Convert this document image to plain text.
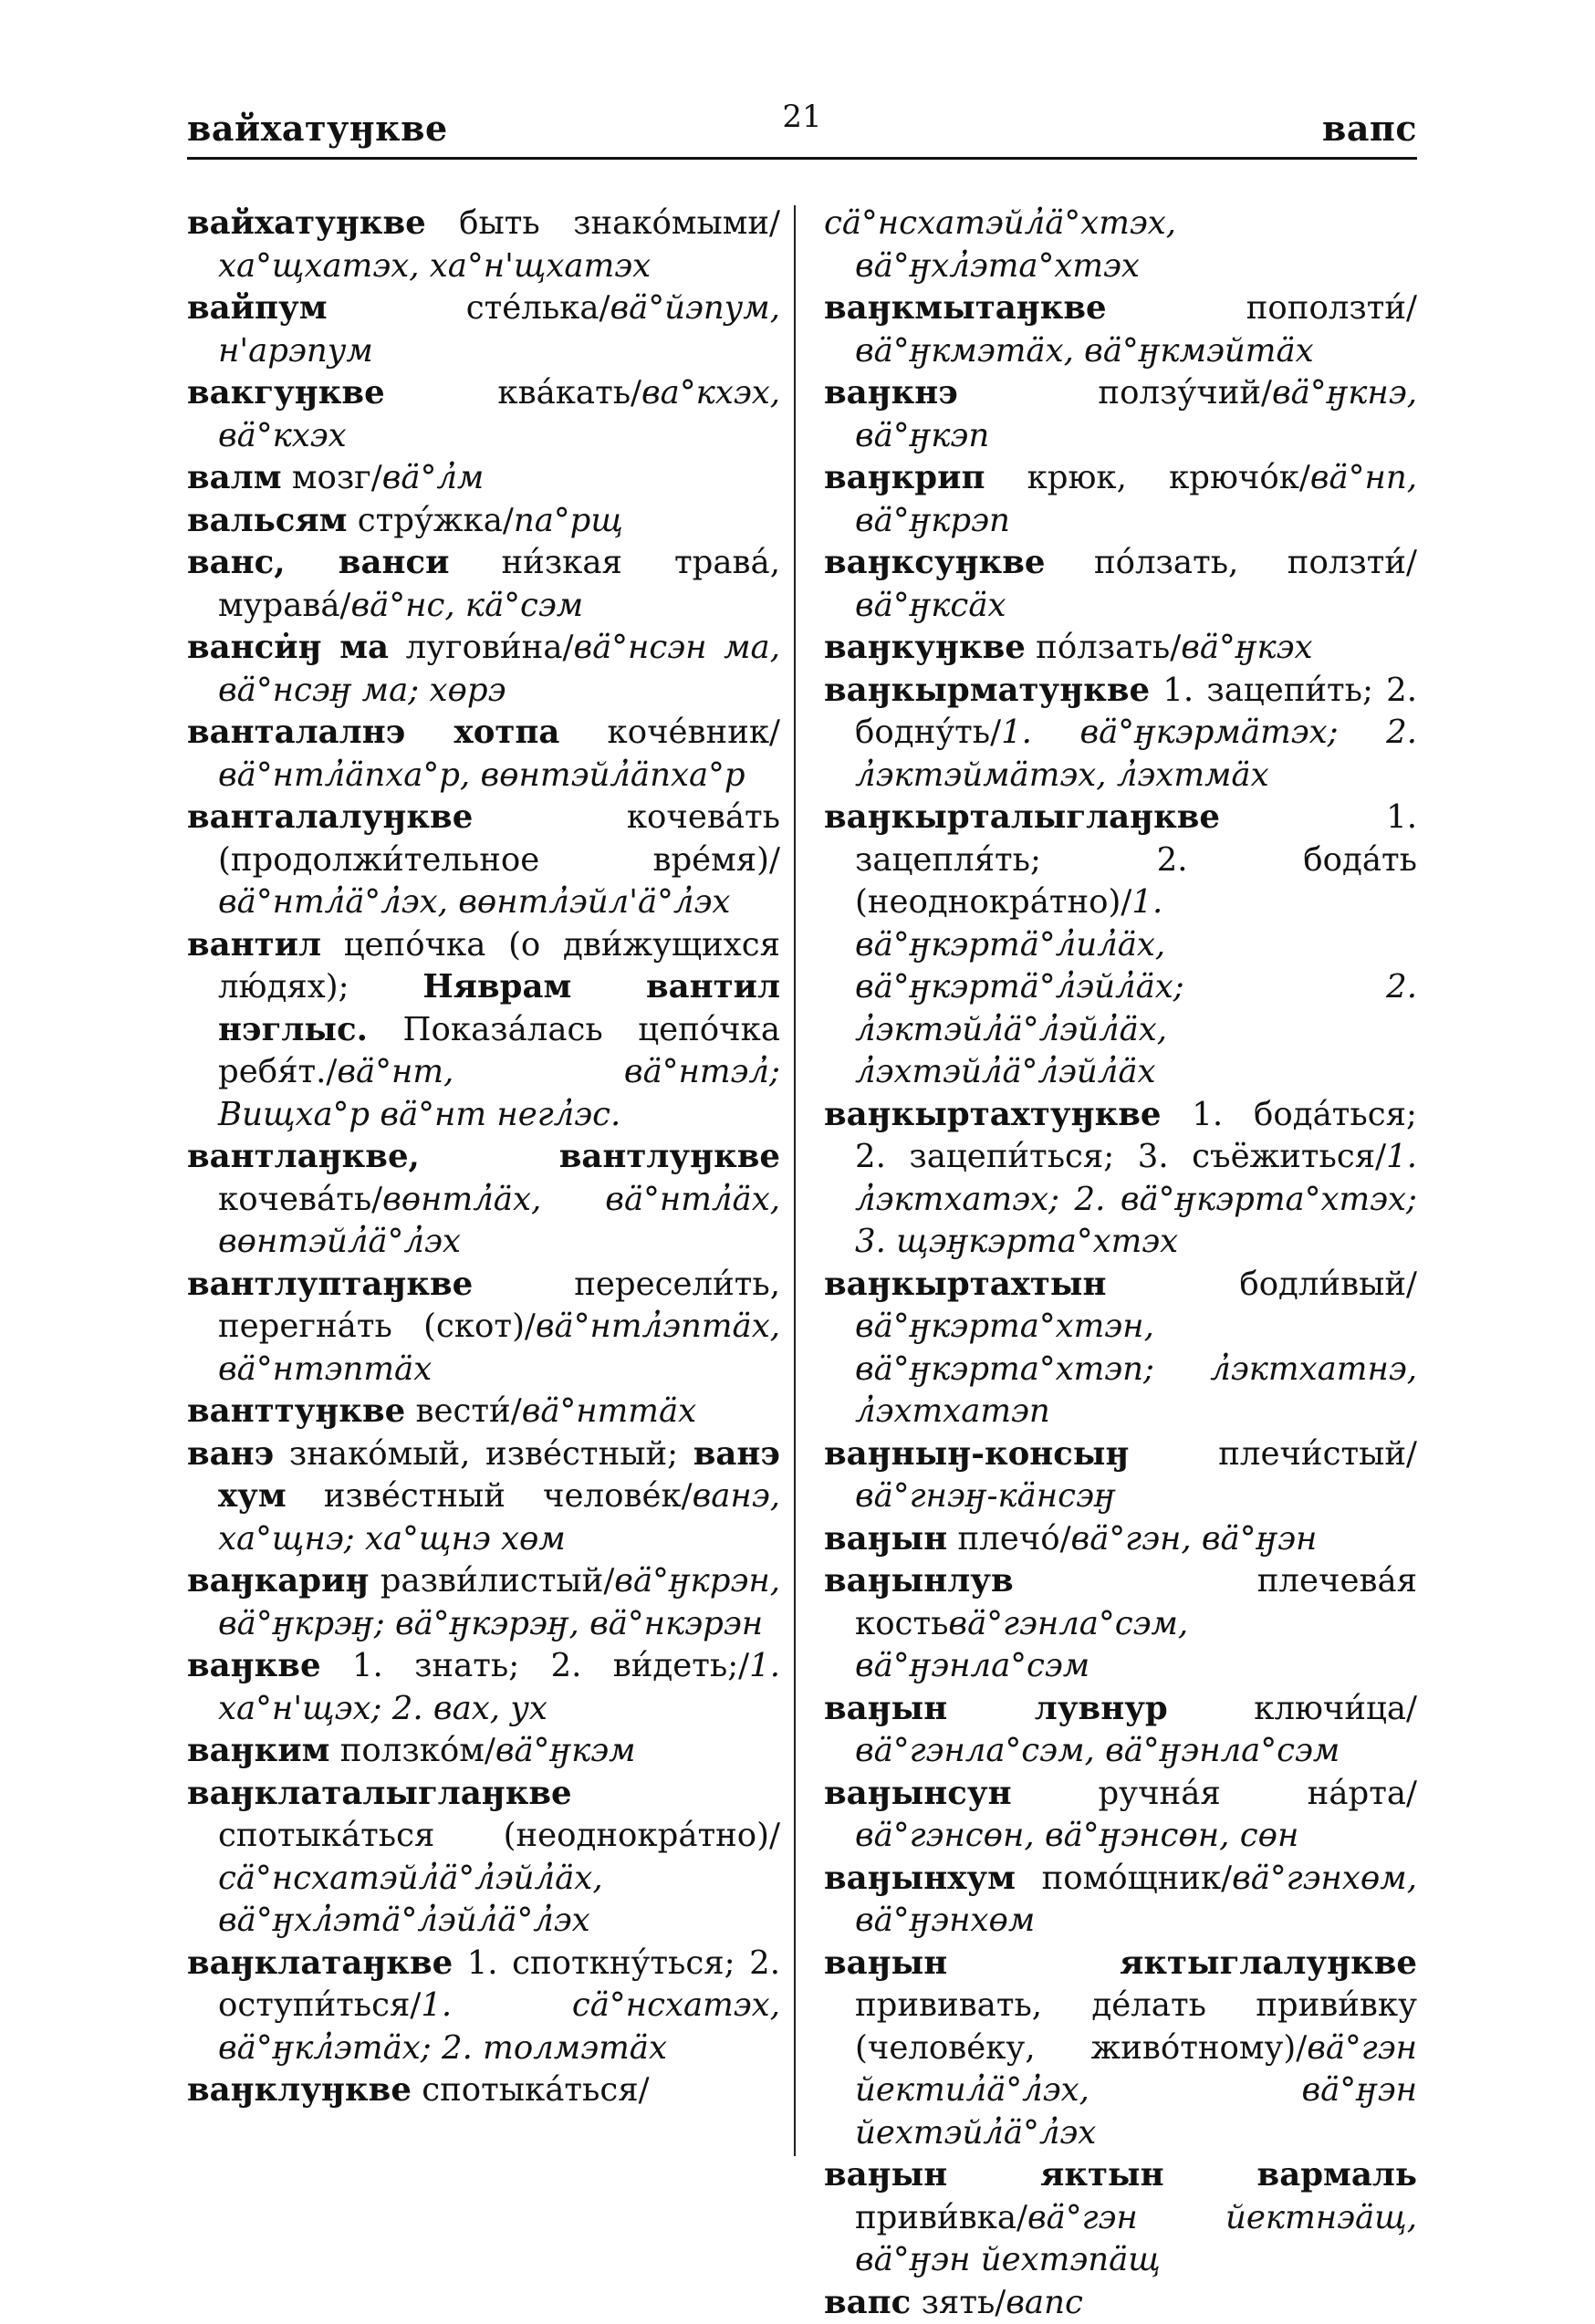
вайхатуӈкве	21	вапс

вайхатуӈкве быть знако́мыми/ха°щхатэх, ха°н'щхатэх

вайпум сте́лька/вӓ°йэпум, н'арэпум

вакгуӈкве ква́кать/ва°кхэх, вӓ°кхэх

валм мозг/вӓ°л̓м

вальсям стру́жка/па°рщ

ванс, ванси ни́зкая трава́, мурава́/вӓ°нс, кӓ°сэм

ванси̇ӈ ма лугови́на/вӓ°нсэн ма, вӓ°нсэӈ ма; хөрэ

ванталалнэ хотпа коче́вник/вӓ°нтл̓ӓпха°р, вөнтэйл̓ӓпха°р

ванталалуӈкве кочева́ть (продолжи́тельное вре́мя)/вӓ°нтл̓ӓ°л̓эх, вөнтл̓эйл'ӓ°л̓эх

вантил цепо́чка (о дви́жущихся лю́дях); Няврам вантил нэглыс. Показа́лась цепо́чка ребя́т./вӓ°нт, вӓ°нтэл̓; Вищха°р вӓ°нт негл̓эс.

вантлаӈкве, вантлуӈкве кочева́ть/вөнтл̓ӓх, вӓ°нтл̓ӓх, вөнтэйл̓ӓ°л̓эх

вантлуптаӈкве пересели́ть, перегна́ть (скот)/вӓ°нтл̓эптӓх, вӓ°нтэптӓх

ванттуӈкве вести́/вӓ°нттӓх

ванэ знако́мый, изве́стный; ванэ хум изве́стный челове́к/ванэ, ха°щнэ; ха°щнэ хөм

ваӈкариӈ разви́листый/вӓ°ӈкрэн, вӓ°ӈкрэӈ; вӓ°ӈкэрэӈ, вӓ°нкэрэн

ваӈкве 1. знать; 2. ви́деть;/1. ха°н'щэх; 2. вах, ух

ваӈким ползко́м/вӓ°ӈкэм

ваӈклаталыглаӈкве спотыка́ться (неоднокра́тно)/сӓ°нсхатэйл̓ӓ°л̓эйл̓ӓх, вӓ°ӈхл̓этӓ°л̓эйл̓ӓ°л̓эх

ваӈклатаӈкве 1. споткну́ться; 2. оступи́ться/1. сӓ°нсхатэх, вӓ°ӈкл̓этӓх; 2. толмэтӓх

ваӈклуӈкве спотыка́ться/

сӓ°нсхатэйл̓ӓ°хтэх, вӓ°ӈхл̓эта°хтэх

ваӈкмытаӈкве поползти́/вӓ°ӈкмэтӓх, вӓ°ӈкмэйтӓх

ваӈкнэ ползу́чий/вӓ°ӈкнэ, вӓ°ӈкэп

ваӈкрип крюк, крючо́к/вӓ°нп, вӓ°ӈкрэп

ваӈксуӈкве по́лзать, ползти́/вӓ°ӈксӓх

ваӈкуӈкве по́лзать/вӓ°ӈкэх

ваӈкырматуӈкве 1. зацепи́ть; 2. бодну́ть/1. вӓ°ӈкэрмӓтэх; 2. л̓эктэймӓтэх, л̓эхтмӓх

ваӈкырталыглаӈкве 1. зацепля́ть; 2. бода́ть (неоднокра́тно)/1. вӓ°ӈкэртӓ°л̓ил̓ӓх, вӓ°ӈкэртӓ°л̓эйл̓ӓх; 2. л̓эктэйл̓ӓ°л̓эйл̓ӓх, л̓эхтэйл̓ӓ°л̓эйл̓ӓх

ваӈкыртахтуӈкве 1. бода́ться; 2. зацепи́ться; 3. съёжиться/1. л̓эктхатэх; 2. вӓ°ӈкэрта°хтэх; 3. щэӈкэрта°хтэх

ваӈкыртахтын бодли́вый/вӓ°ӈкэрта°хтэн, вӓ°ӈкэрта°хтэп; л̓эктхатнэ, л̓эхтхатэп

ваӈныӈ-консыӈ плечи́стый/вӓ°гнэӈ-кӓнсэӈ

ваӈын плечо́/вӓ°гэн, вӓ°ӈэн

ваӈынлув плечева́я костьвӓ°гэнла°сэм, вӓ°ӈэнла°сэм

ваӈын лувнур ключи́ца/вӓ°гэнла°сэм, вӓ°ӈэнла°сэм

ваӈынсун ручна́я на́рта/вӓ°гэнсөн, вӓ°ӈэнсөн, сөн

ваӈынхум помо́щник/вӓ°гэнхөм, вӓ°ӈэнхөм

ваӈын яктыглалуӈкве прививать, де́лать приви́вку (челове́ку, живо́тному)/вӓ°гэн йектил̓ӓ°л̓эх, вӓ°ӈэн йехтэйл̓ӓ°л̓эх

ваӈын яктын вармаль приви́вка/вӓ°гэн йектнэӓщ, вӓ°ӈэн йехтэпӓщ

вапс зять/вапс
